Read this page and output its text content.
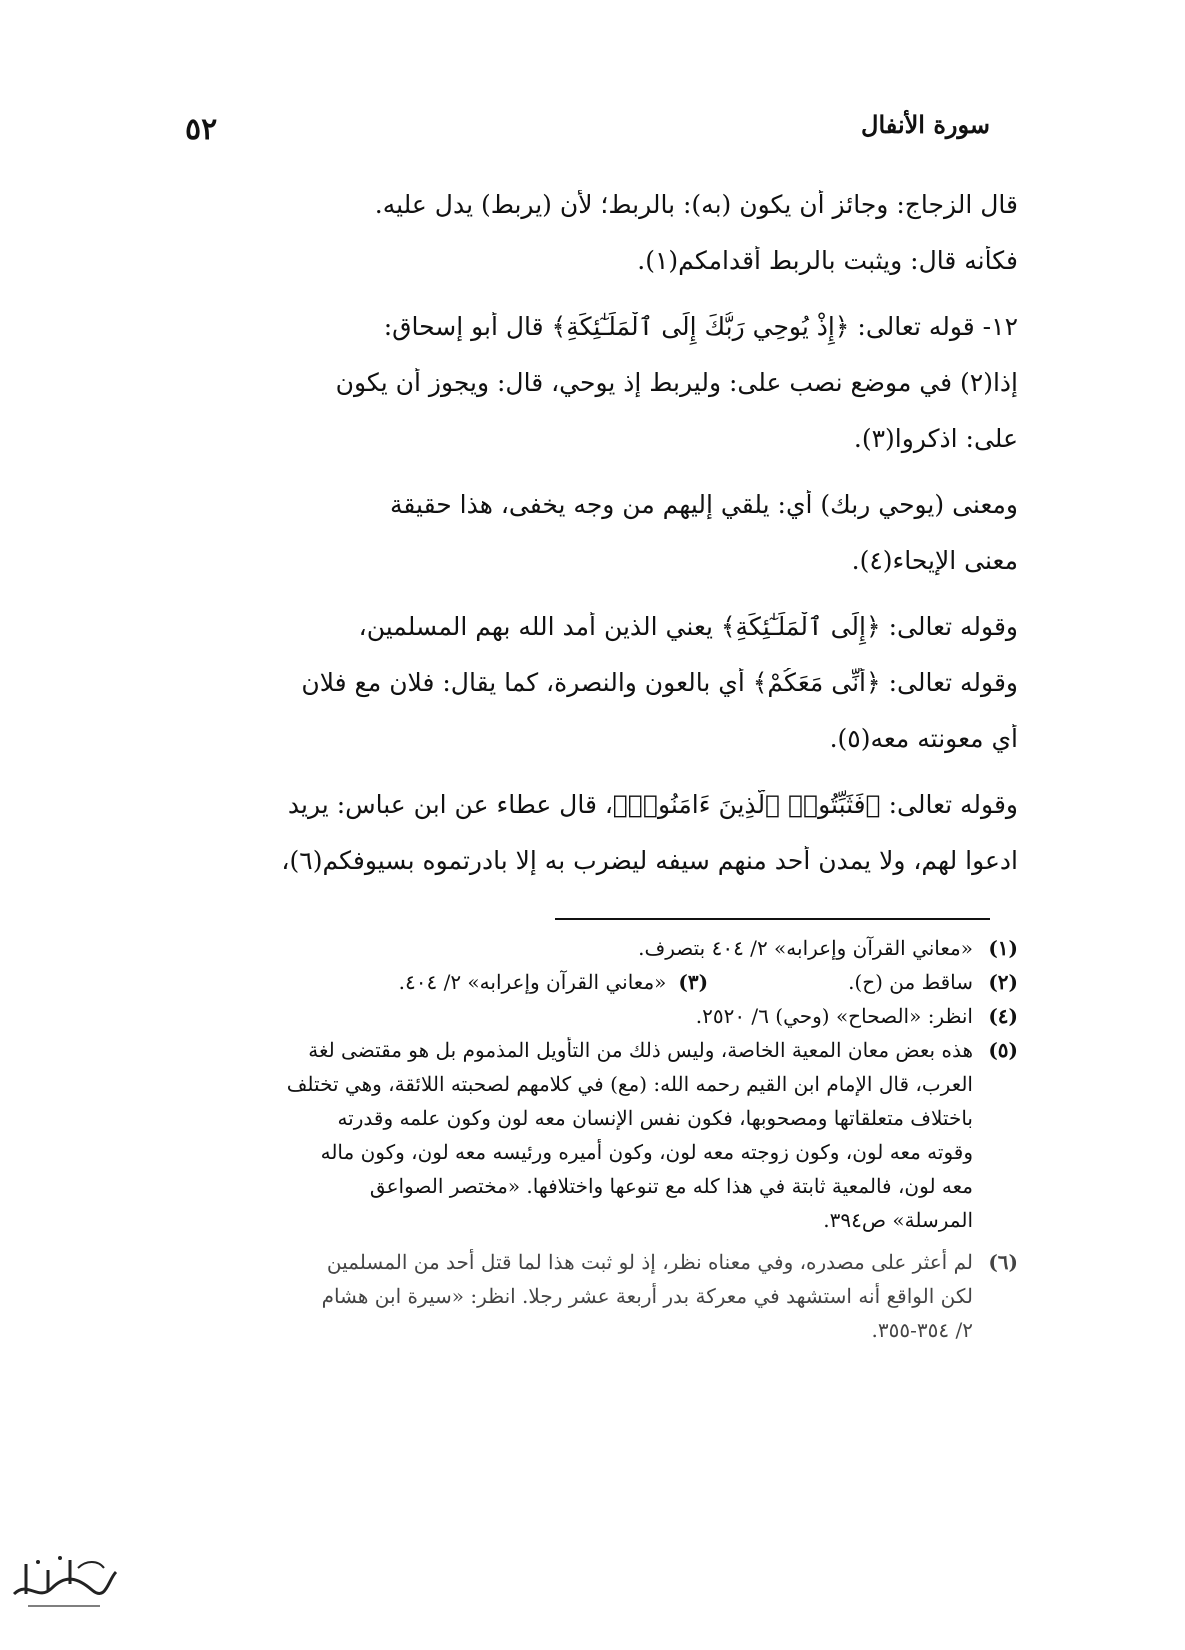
سورة الأنفال
٥٢
قال الزجاج: وجائز أن يكون (به): بالربط؛ لأن (يربط) يدل عليه.
فكأنه قال: ويثبت بالربط أقدامكم(١).
١٢- قوله تعالى: ﴿إِذْ يُوحِي رَبُّكَ إِلَى ٱلْمَلَـٰٓئِكَةِ﴾ قال أبو إسحاق:
إذا(٢) في موضع نصب على: وليربط إذ يوحي، قال: ويجوز أن يكون
على: اذكروا(٣).
ومعنى (يوحي ربك) أي: يلقي إليهم من وجه يخفى، هذا حقيقة
معنى الإيحاء(٤).
وقوله تعالى: ﴿إِلَى ٱلْمَلَـٰٓئِكَةِ﴾ يعني الذين أمد الله بهم المسلمين،
وقوله تعالى: ﴿أَنِّى مَعَكُمْ﴾ أي بالعون والنصرة، كما يقال: فلان مع فلان
أي معونته معه(٥).
وقوله تعالى: ﴿فَثَبِّتُوا۟ ٱلَّذِينَ ءَامَنُوا۟﴾، قال عطاء عن ابن عباس: يريد
ادعوا لهم، ولا يمدن أحد منهم سيفه ليضرب به إلا بادرتموه بسيوفكم(٦)،
(١)
«معاني القرآن وإعرابه» ٢/ ٤٠٤ بتصرف.
(٢)
ساقط من (ح).
(٣)«معاني القرآن وإعرابه» ٢/ ٤٠٤.
(٤)
انظر: «الصحاح» (وحي) ٦/ ٢٥٢٠.
(٥)
هذه بعض معان المعية الخاصة، وليس ذلك من التأويل المذموم بل هو مقتضى لغة
العرب، قال الإمام ابن القيم رحمه الله: (مع) في كلامهم لصحبته اللائقة، وهي تختلف
باختلاف متعلقاتها ومصحوبها، فكون نفس الإنسان معه لون وكون علمه وقدرته
وقوته معه لون، وكون زوجته معه لون، وكون أميره ورئيسه معه لون، وكون ماله
معه لون، فالمعية ثابتة في هذا كله مع تنوعها واختلافها. «مختصر الصواعق
المرسلة» ص٣٩٤.
(٦)
لم أعثر على مصدره، وفي معناه نظر، إذ لو ثبت هذا لما قتل أحد من المسلمين
لكن الواقع أنه استشهد في معركة بدر أربعة عشر رجلا. انظر: «سيرة ابن هشام
٢/ ٣٥٤-٣٥٥.
